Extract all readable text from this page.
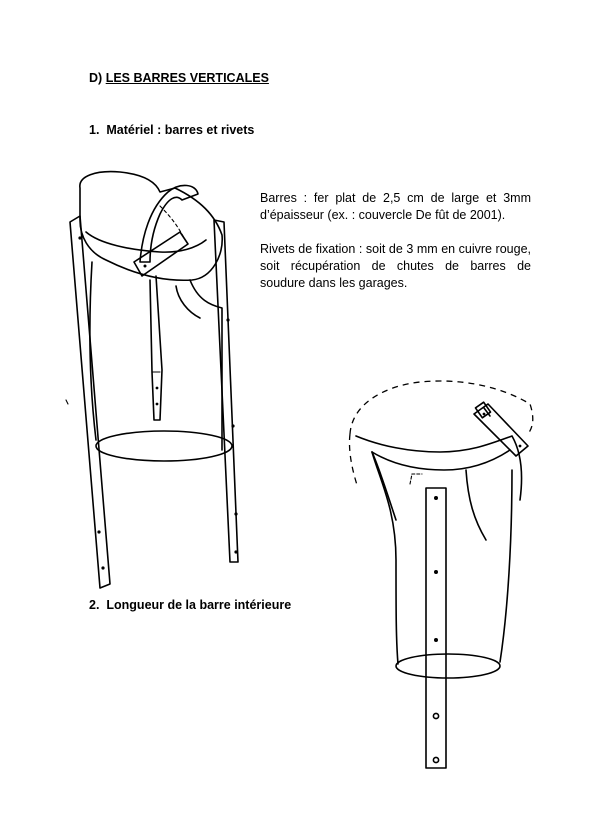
D) LES BARRES VERTICALES
1. Matériel : barres et rivets
Barres : fer plat de 2,5 cm de large et 3mm d’épaisseur (ex. : couvercle De fût de 2001).
Rivets de fixation : soit de 3 mm en cuivre rouge, soit récupération de chutes de barres de soudure dans les garages.
2. Longueur de la barre intérieure
